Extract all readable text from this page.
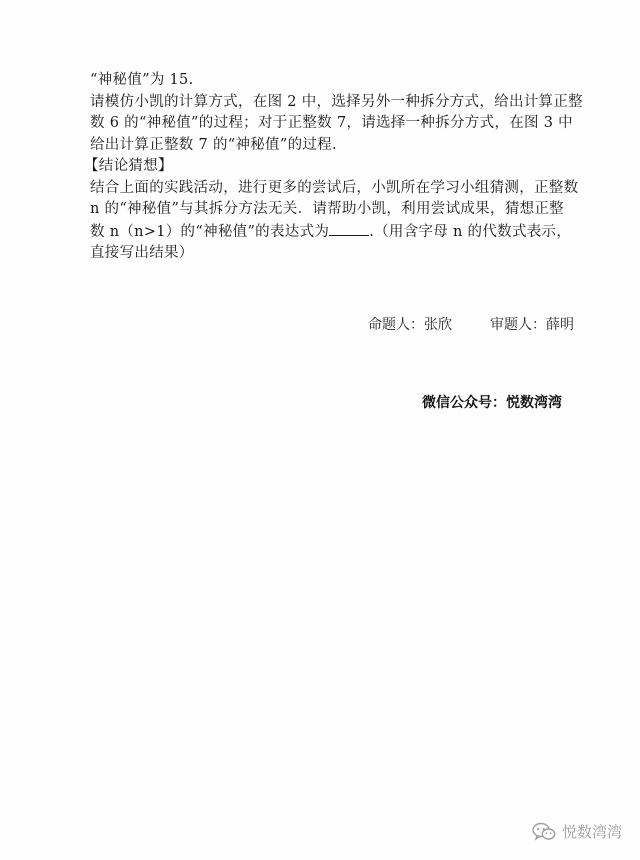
“神秘值”为 15.
请模仿小凯的计算方式，在图 2 中，选择另外一种拆分方式，给出计算正整
数 6 的“神秘值”的过程；对于正整数 7，请选择一种拆分方式，在图 3 中
给出计算正整数 7 的“神秘值”的过程.
【结论猜想】
结合上面的实践活动，进行更多的尝试后，小凯所在学习小组猜测，正整数
n 的“神秘值”与其拆分方法无关．请帮助小凯，利用尝试成果，猜想正整
数 n（n>1）的“神秘值”的表达式为	.（用含字母 n 的代数式表示，
直接写出结果）
命题人：张欣	审题人：薛明
微信公众号：悦数湾湾
悦数湾湾
